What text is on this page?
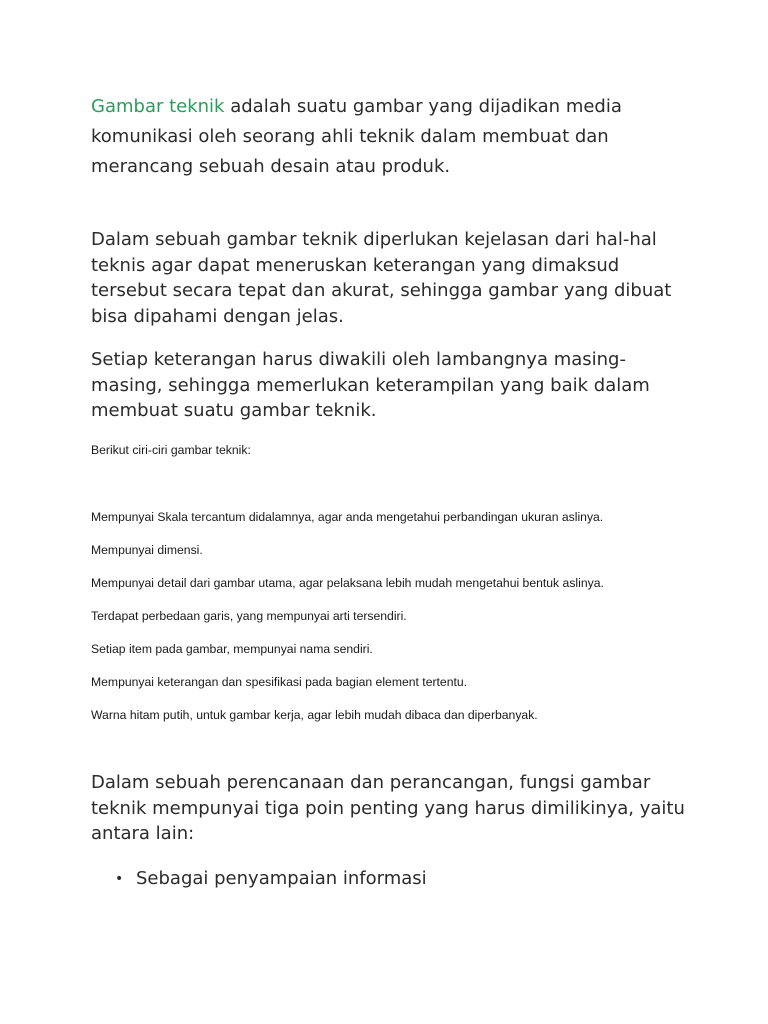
Gambar teknik adalah suatu gambar yang dijadikan media komunikasi oleh seorang ahli teknik dalam membuat dan merancang sebuah desain atau produk.

Dalam sebuah gambar teknik diperlukan kejelasan dari hal-hal teknis agar dapat meneruskan keterangan yang dimaksud tersebut secara tepat dan akurat, sehingga gambar yang dibuat bisa dipahami dengan jelas.

Setiap keterangan harus diwakili oleh lambangnya masing-masing, sehingga memerlukan keterampilan yang baik dalam membuat suatu gambar teknik.

Berikut ciri-ciri gambar teknik:

Mempunyai Skala tercantum didalamnya, agar anda mengetahui perbandingan ukuran aslinya.
Mempunyai dimensi.
Mempunyai detail dari gambar utama, agar pelaksana lebih mudah mengetahui bentuk aslinya.
Terdapat perbedaan garis, yang mempunyai arti tersendiri.
Setiap item pada gambar, mempunyai nama sendiri.
Mempunyai keterangan dan spesifikasi pada bagian element tertentu.
Warna hitam putih, untuk gambar kerja, agar lebih mudah dibaca dan diperbanyak.

Dalam sebuah perencanaan dan perancangan, fungsi gambar teknik mempunyai tiga poin penting yang harus dimilikinya, yaitu antara lain:

• Sebagai penyampaian informasi
